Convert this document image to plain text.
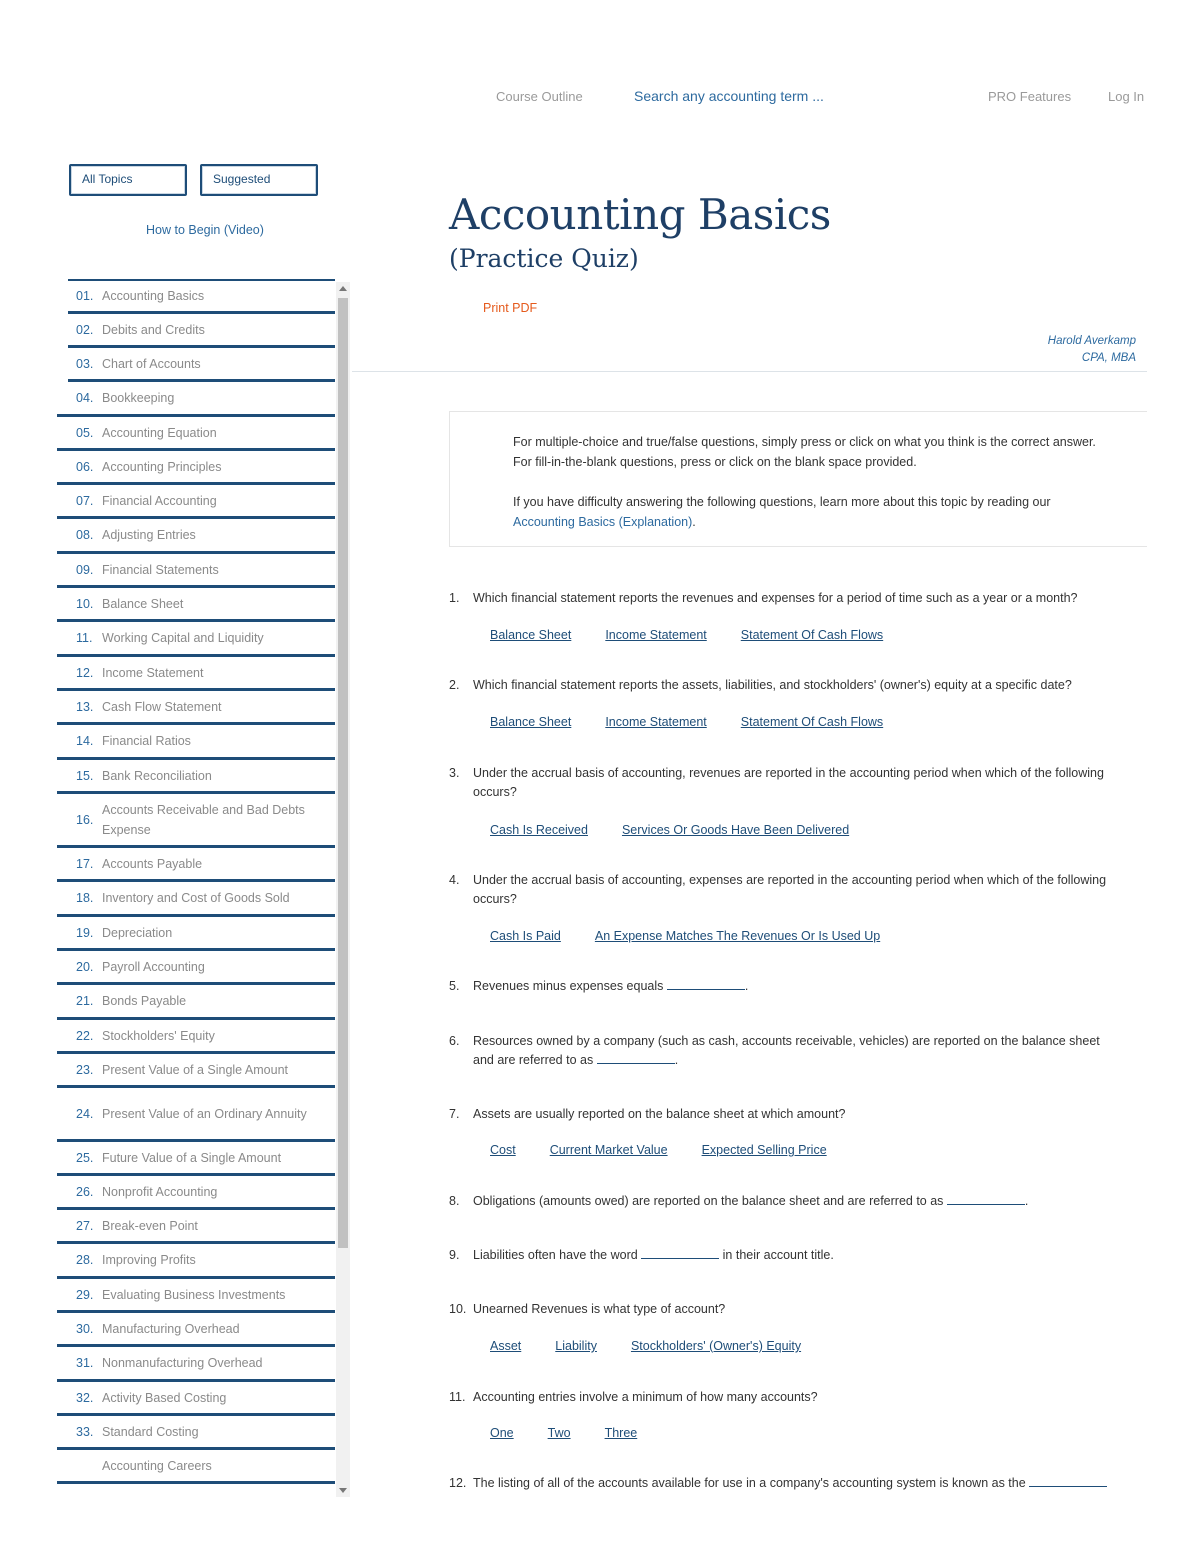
Course Outline	Search any accounting term ...	PRO Features	Log In
All Topics	Suggested
How to Begin (Video)
01. Accounting Basics
02. Debits and Credits
03. Chart of Accounts
04. Bookkeeping
05. Accounting Equation
06. Accounting Principles
07. Financial Accounting
08. Adjusting Entries
09. Financial Statements
10. Balance Sheet
11. Working Capital and Liquidity
12. Income Statement
13. Cash Flow Statement
14. Financial Ratios
15. Bank Reconciliation
16.
Accounts Receivable and Bad Debts Expense
17. Accounts Payable
18. Inventory and Cost of Goods Sold
19. Depreciation
20. Payroll Accounting
21. Bonds Payable
22. Stockholders' Equity
23. Present Value of a Single Amount
24. Present Value of an Ordinary Annuity
25. Future Value of a Single Amount
26. Nonprofit Accounting
27. Break-even Point
28. Improving Profits
29. Evaluating Business Investments
30. Manufacturing Overhead
31. Nonmanufacturing Overhead
32. Activity Based Costing
33. Standard Costing
Accounting Careers
Accounting Basics
(Practice Quiz)
Print PDF
Harold Averkamp
CPA, MBA

For multiple-choice and true/false questions, simply press or click on what you think is the correct answer. For fill-in-the-blank questions, press or click on the blank space provided.

If you have difficulty answering the following questions, learn more about this topic by reading our Accounting Basics (Explanation).

1. Which financial statement reports the revenues and expenses for a period of time such as a year or a month?
Balance Sheet	Income Statement	Statement Of Cash Flows
2. Which financial statement reports the assets, liabilities, and stockholders' (owner's) equity at a specific date?
Balance Sheet	Income Statement	Statement Of Cash Flows
3. Under the accrual basis of accounting, revenues are reported in the accounting period when which of the following occurs?
Cash Is Received	Services Or Goods Have Been Delivered
4. Under the accrual basis of accounting, expenses are reported in the accounting period when which of the following occurs?
Cash Is Paid	An Expense Matches The Revenues Or Is Used Up
5. Revenues minus expenses equals	.
6. Resources owned by a company (such as cash, accounts receivable, vehicles) are reported on the balance sheet and are referred to as	.
7. Assets are usually reported on the balance sheet at which amount?
Cost	Current Market Value	Expected Selling Price
8. Obligations (amounts owed) are reported on the balance sheet and are referred to as	.
9. Liabilities often have the word	in their account title.
10. Unearned Revenues is what type of account?
Asset	Liability	Stockholders' (Owner's) Equity
11. Accounting entries involve a minimum of how many accounts?
One	Two	Three
12. The listing of all of the accounts available for use in a company's accounting system is known as the
